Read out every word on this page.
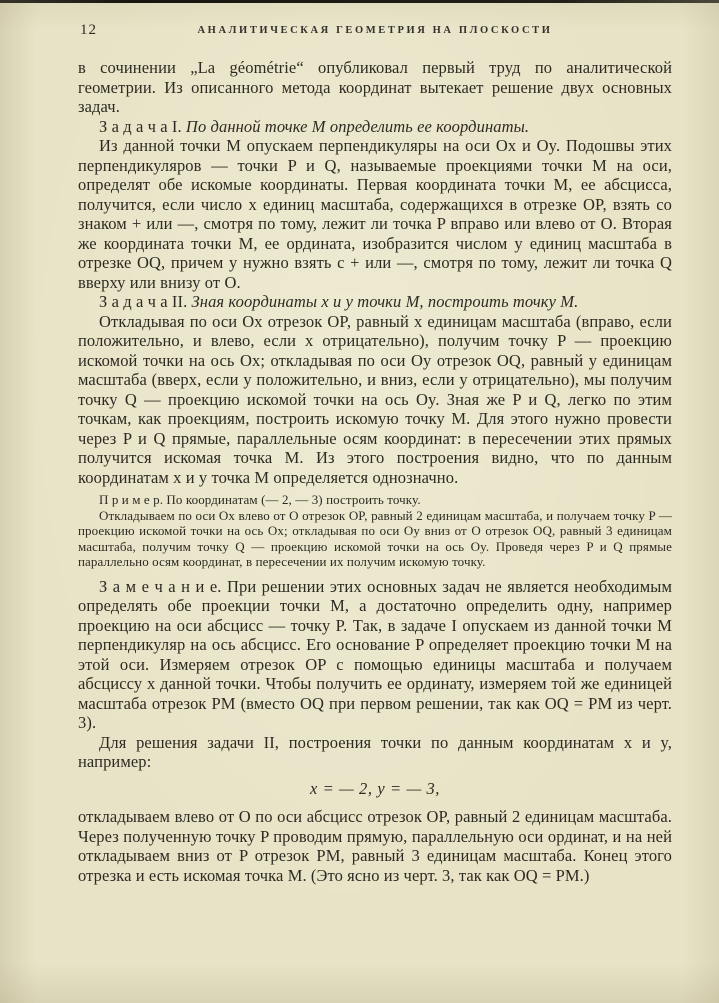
12	АНАЛИТИЧЕСКАЯ ГЕОМЕТРИЯ НА ПЛОСКОСТИ

в сочинении „La géométrie“ опубликовал первый труд по аналитической геометрии. Из описанного метода координат вытекает решение двух основных задач.

З а д а ч а I. По данной точке M определить ее координаты.

Из данной точки M опускаем перпендикуляры на оси Ox и Oy. Подошвы этих перпендикуляров — точки P и Q, называемые проекциями точки M на оси, определят обе искомые координаты. Первая координата точки M, ее абсцисса, получится, если число x единиц масштаба, содержащихся в отрезке OP, взять со знаком + или —, смотря по тому, лежит ли точка P вправо или влево от O. Вторая же координата точки M, ее ордината, изобразится числом y единиц масштаба в отрезке OQ, причем y нужно взять с + или —, смотря по тому, лежит ли точка Q вверху или внизу от O.

З а д а ч а II. Зная координаты x и y точки M, построить точку M.

Откладывая по оси Ox отрезок OP, равный x единицам масштаба (вправо, если положительно, и влево, если x отрицательно), получим точку P — проекцию искомой точки на ось Ox; откладывая по оси Oy отрезок OQ, равный y единицам масштаба (вверх, если y положительно, и вниз, если y отрицательно), мы получим точку Q — проекцию искомой точки на ось Oy. Зная же P и Q, легко по этим точкам, как проекциям, построить искомую точку M. Для этого нужно провести через P и Q прямые, параллельные осям координат: в пересечении этих прямых получится искомая точка M. Из этого построения видно, что по данным координатам x и y точка M определяется однозначно.

П р и м е р. По координатам (— 2, — 3) построить точку.

Откладываем по оси Ox влево от O отрезок OP, равный 2 единицам масштаба, и получаем точку P — проекцию искомой точки на ось Ox; откладывая по оси Oy вниз от O отрезок OQ, равный 3 единицам масштаба, получим точку Q — проекцию искомой точки на ось Oy. Проведя через P и Q прямые параллельно осям координат, в пересечении их получим искомую точку.

З а м е ч а н и е. При решении этих основных задач не является необходимым определять обе проекции точки M, а достаточно определить одну, например проекцию на оси абсцисс — точку P. Так, в задаче I опускаем из данной точки M перпендикуляр на ось абсцисс. Его основание P определяет проекцию точки M на этой оси. Измеряем отрезок OP с помощью единицы масштаба и получаем абсциссу x данной точки. Чтобы получить ее ординату, измеряем той же единицей масштаба отрезок PM (вместо OQ при первом решении, так как OQ = PM из черт. 3).

Для решения задачи II, построения точки по данным координатам x и y, например:

x = — 2, y = — 3,

откладываем влево от O по оси абсцисс отрезок OP, равный 2 единицам масштаба. Через полученную точку P проводим прямую, параллельную оси ординат, и на ней откладываем вниз от P отрезок PM, равный 3 единицам масштаба. Конец этого отрезка и есть искомая точка M. (Это ясно из черт. 3, так как OQ = PM.)
